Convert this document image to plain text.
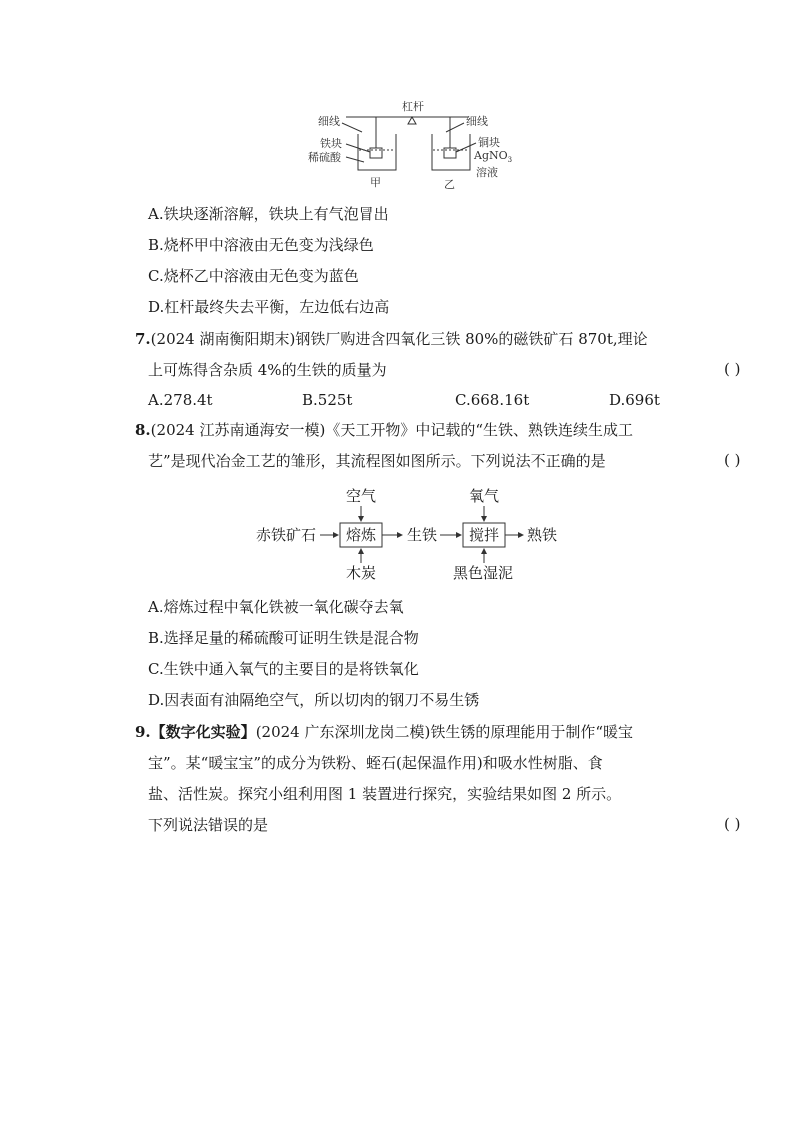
杠杆
细线	细线
铁块
稀硫酸
铜块
AgNO$_3$
溶液
甲	乙
A.铁块逐渐溶解，铁块上有气泡冒出
B.烧杯甲中溶液由无色变为浅绿色
C.烧杯乙中溶液由无色变为蓝色
D.杠杆最终失去平衡，左边低右边高
7.(2024 湖南衡阳期末)钢铁厂购进含四氧化三铁 80%的磁铁矿石 870t,理论
上可炼得含杂质 4%的生铁的质量为	( )
A.278.4t	B.525t	C.668.16t	D.696t
8.(2024 江苏南通海安一模)《天工开物》中记载的“生铁、熟铁连续生成工
艺”是现代冶金工艺的雏形，其流程图如图所示。下列说法不正确的是	( )
空气	氧气
赤铁矿石 熔炼 生铁 搅拌 熟铁
木炭	黑色湿泥
A.熔炼过程中氧化铁被一氧化碳夺去氧
B.选择足量的稀硫酸可证明生铁是混合物
C.生铁中通入氧气的主要目的是将铁氧化
D.因表面有油隔绝空气，所以切肉的钢刀不易生锈
9.【数字化实验】(2024 广东深圳龙岗二模)铁生锈的原理能用于制作“暖宝
宝”。某“暖宝宝”的成分为铁粉、蛭石(起保温作用)和吸水性树脂、食
盐、活性炭。探究小组利用图 1 装置进行探究，实验结果如图 2 所示。
下列说法错误的是	( )
